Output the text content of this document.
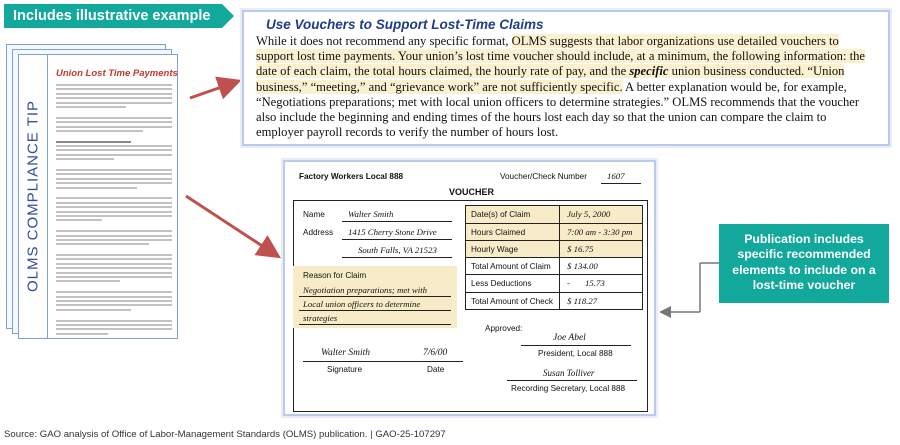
Includes illustrative example
OLMS COMPLIANCE TIP
Union Lost Time Payments
Use Vouchers to Support Lost-Time Claims
While it does not recommend any specific format, OLMS suggests that labor organizations use detailed vouchers to support lost time payments. Your union’s lost time voucher should include, at a minimum, the following information: the date of each claim, the total hours claimed, the hourly rate of pay, and the specific union business conducted. “Union business,” “meeting,” and “grievance work” are not sufficiently specific. A better explanation would be, for example, “Negotiations preparations; met with local union officers to determine strategies.” OLMS recommends that the voucher also include the beginning and ending times of the hours lost each day so that the union can compare the claim to employer payroll records to verify the number of hours lost.
Factory Workers Local 888	Voucher/Check Number 1607
VOUCHER
Name	Walter Smith
Address 1415 Cherry Stone Drive
South Falls, VA 21523
Reason for Claim
Negotiation preparations; met with
Local union officers to determine
strategies
Date(s) of Claim	July 5, 2000
Hours Claimed	7:00 am - 3:30 pm
Hourly Wage	$ 16.75
Total Amount of Claim $ 134.00
Less Deductions	- 15.73
Total Amount of Check $ 118.27
Approved:
Joe Abel
President, Local 888
Walter Smith	7/6/00
Signature	Date	Susan Tolliver
Recording Secretary, Local 888
Publication includes specific recommended elements to include on a lost-time voucher
Source: GAO analysis of Office of Labor-Management Standards (OLMS) publication. | GAO-25-107297
